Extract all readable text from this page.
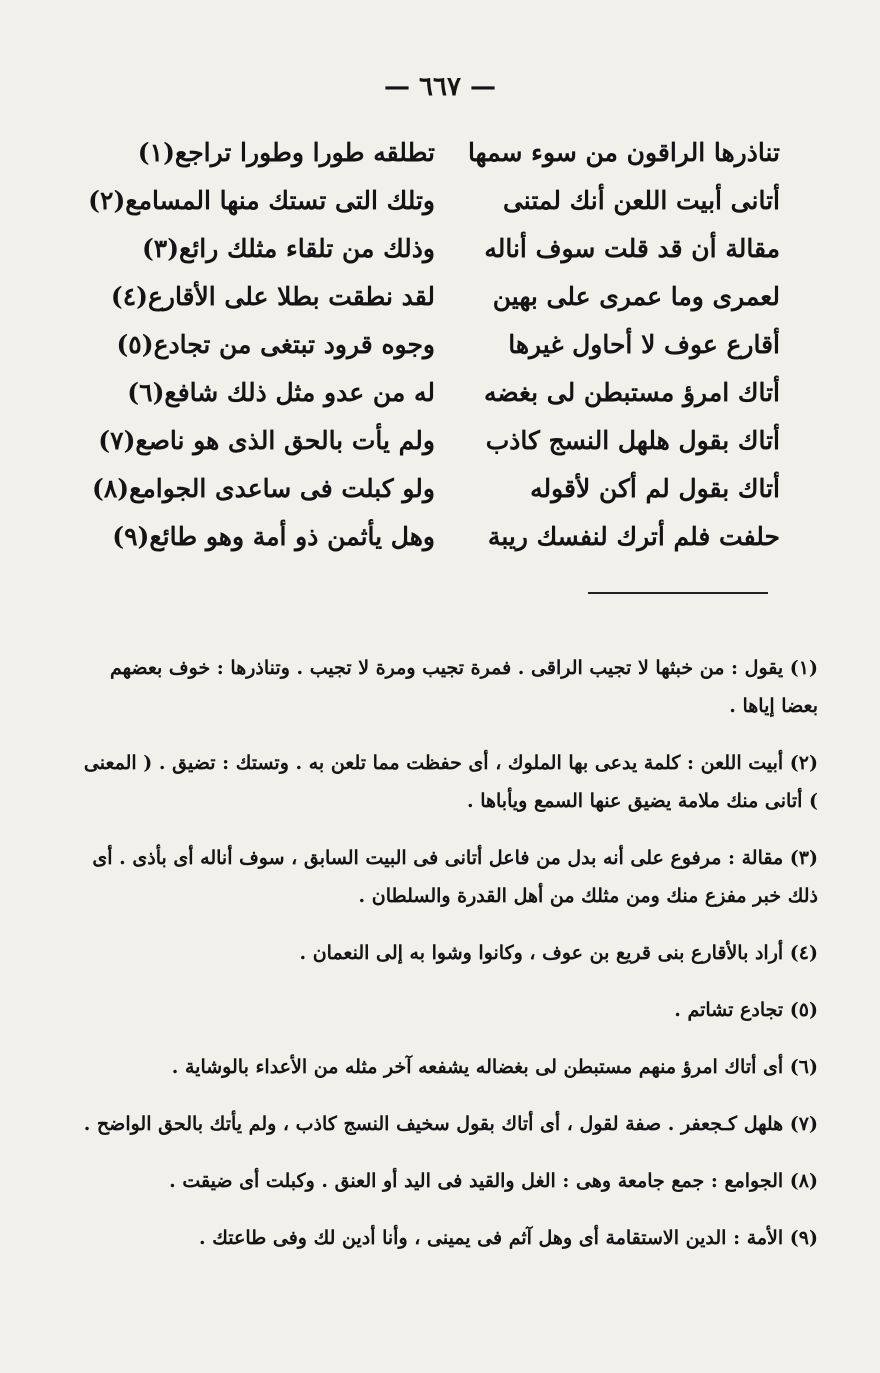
— ٦٦٧ —
تناذرها الراقون من سوء سمها
تطلقه طورا وطورا تراجع(١)
أتانى أبيت اللعن أنك لمتنى
وتلك التى تستك منها المسامع(٢)
مقالة أن قد قلت سوف أناله
وذلك من تلقاء مثلك رائع(٣)
لعمرى وما عمرى على بهين
لقد نطقت بطلا على الأقارع(٤)
أقارع عوف لا أحاول غيرها
وجوه قرود تبتغى من تجادع(٥)
أتاك امرؤ مستبطن لى بغضه
له من عدو مثل ذلك شافع(٦)
أتاك بقول هلهل النسج كاذب
ولم يأت بالحق الذى هو ناصع(٧)
أتاك بقول لم أكن لأقوله
ولو كبلت فى ساعدى الجوامع(٨)
حلفت فلم أترك لنفسك ريبة
وهل يأثمن ذو أمة وهو طائع(٩)

(١) يقول : من خبثها لا تجيب الراقى . فمرة تجيب ومرة لا تجيب . وتناذرها : خوف بعضهم بعضا إياها .

(٢) أبيت اللعن : كلمة يدعى بها الملوك ، أى حفظت مما تلعن به . وتستك : تضيق . ( المعنى ) أتانى منك ملامة يضيق عنها السمع ويأباها .

(٣) مقالة : مرفوع على أنه بدل من فاعل أتانى فى البيت السابق ، سوف أناله أى بأذى . أى ذلك خبر مفزع منك ومن مثلك من أهل القدرة والسلطان .

(٤) أراد بالأقارع بنى قريع بن عوف ، وكانوا وشوا به إلى النعمان .

(٥) تجادع تشاتم .

(٦) أى أتاك امرؤ منهم مستبطن لى بغضاله يشفعه آخر مثله من الأعداء بالوشاية .

(٧) هلهل كـجعفر . صفة لقول ، أى أتاك بقول سخيف النسج كاذب ، ولم يأتك بالحق الواضح .

(٨) الجوامع : جمع جامعة وهى : الغل والقيد فى اليد أو العنق . وكبلت أى ضيقت .

(٩) الأمة : الدين الاستقامة أى وهل آثم فى يمينى ، وأنا أدين لك وفى طاعتك .
